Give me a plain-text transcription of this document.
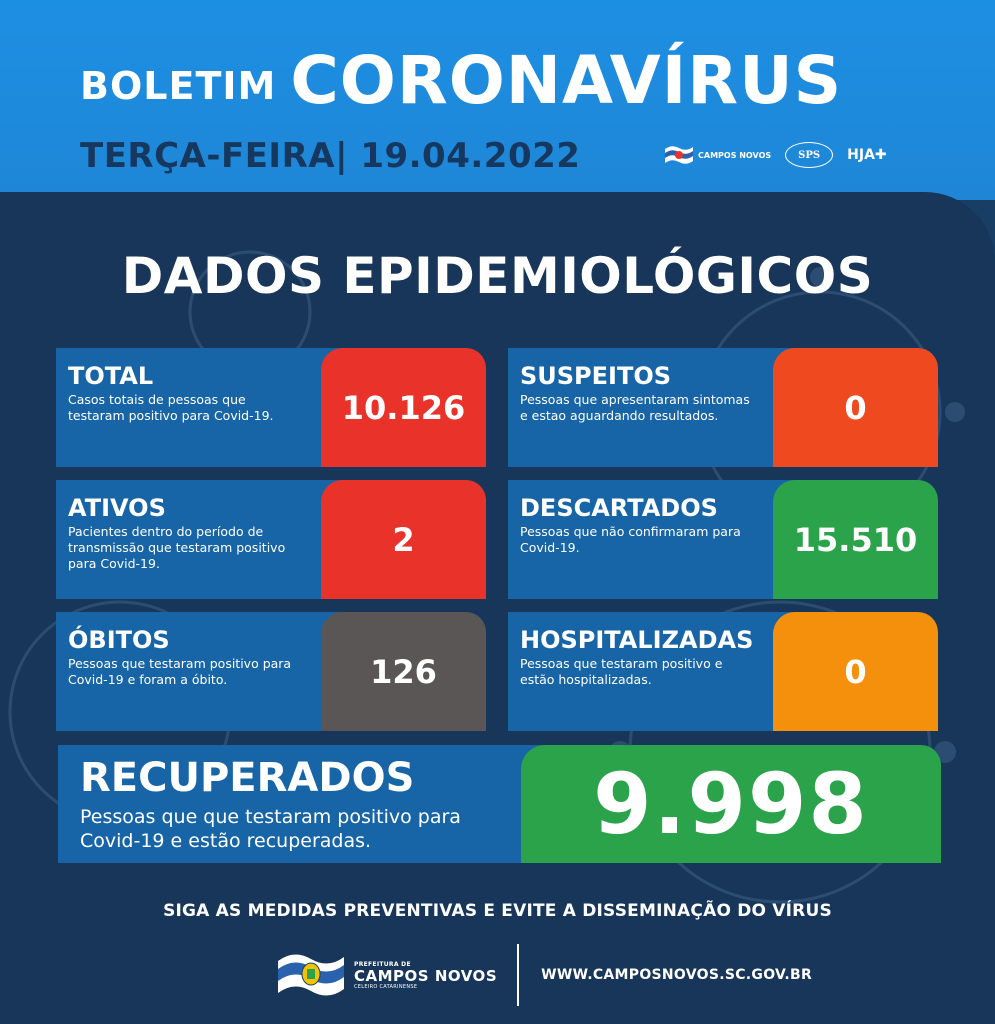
BOLETIM CORONAVÍRUS
TERÇA-FEIRA| 19.04.2022	CAMPOS NOVOS	SPS	HJA✚
DADOS EPIDEMIOLÓGICOS
TOTAL
Casos totais de pessoas que testaram positivo para Covid-19.	10.126
SUSPEITOS
Pessoas que apresentaram sintomas e estao aguardando resultados.	0
ATIVOS
Pacientes dentro do período de transmissão que testaram positivo para Covid-19.
2
DESCARTADOS
Pessoas que não confirmaram para Covid-19.	15.510
ÓBITOS
Pessoas que testaram positivo para Covid-19 e foram a óbito.	126
HOSPITALIZADAS
Pessoas que testaram positivo e estão hospitalizadas.	0
RECUPERADOS
Pessoas que que testaram positivo para Covid-19 e estão recuperadas.	9.998
SIGA AS MEDIDAS PREVENTIVAS E EVITE A DISSEMINAÇÃO DO VÍRUS
PREFEITURA DE
CAMPOS NOVOS
CELEIRO CATARINENSE
WWW.CAMPOSNOVOS.SC.GOV.BR
